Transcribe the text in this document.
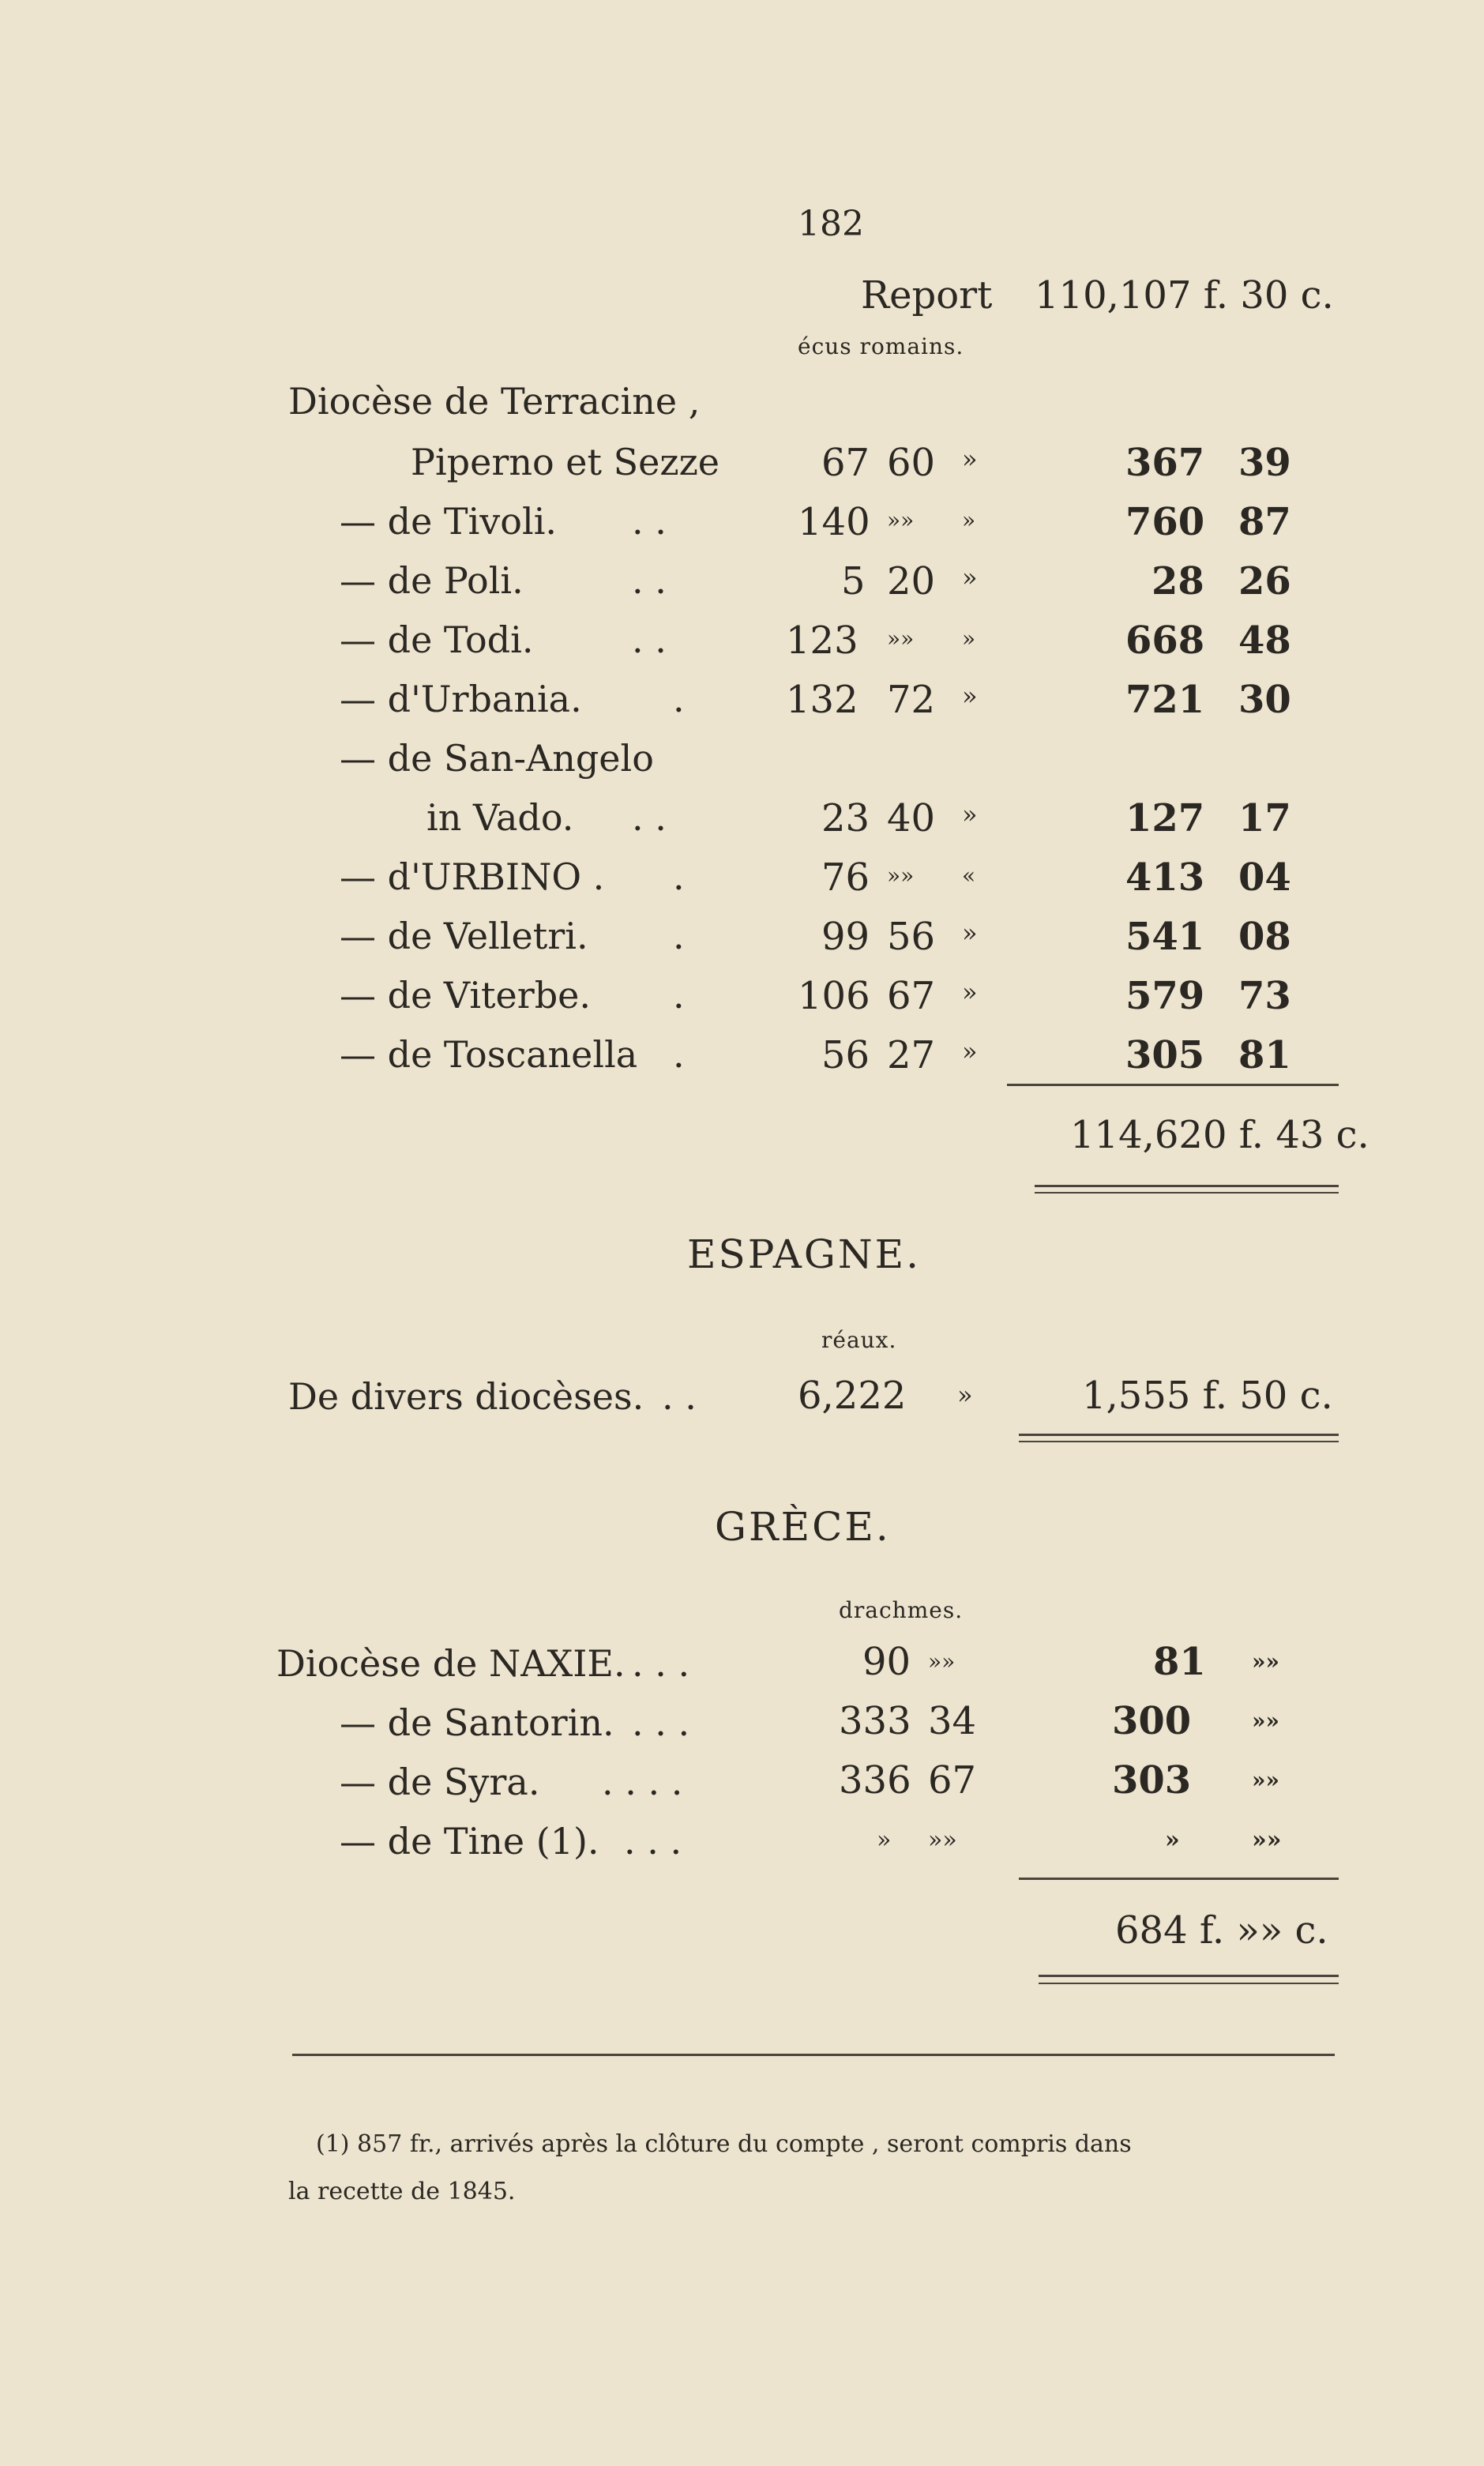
182
Report 110,107 f. 30 c.
écus romains.
Diocèse de Terracine ,
Piperno et Sezze	67 60 »	367 39
— de Tivoli. . .	140 »» »	760 87
— de Poli.	. .	5 20 »	28 26
— de Todi.	. .	123 »» »	668 48
— d'Urbania.	.	132 72 »	721 30
— de San-Angelo
in Vado. . .	23 40 »	127 17
— d'URBINO . .	76 »» «	413 04
— de Velletri. .	99 56 »	541 08
— de Viterbe. .	106 67 »	579 73
— de Toscanella .	56 27 »	305 81
114,620 f. 43 c.
ESPAGNE.
réaux.
De divers diocèses. . .	6,222 »	1,555 f. 50 c.
GRÈCE.
drachmes.
Diocèse de NAXIE. . . .	90 »»	81 »»
— de Santorin. . . .	333 34	300	»»
— de Syra. . . . .	336 67	303	»»
— de Tine (1). . . .	» »»	»	»»
684 f. »» c.
(1) 857 fr., arrivés après la clôture du compte , seront compris dans
la recette de 1845.
